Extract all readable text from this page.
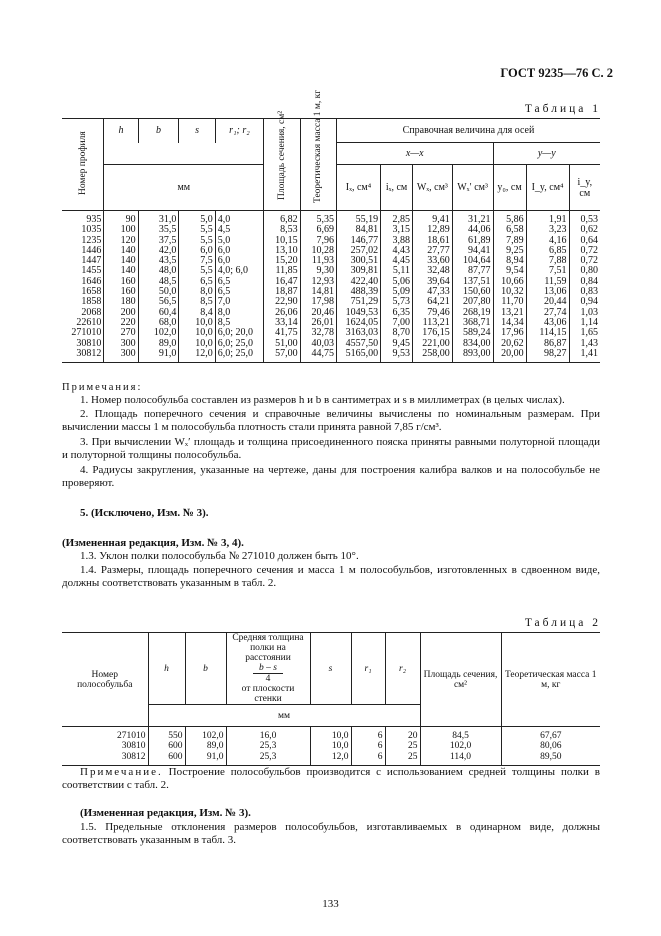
ГОСТ 9235—76 С. 2
Таблица 1
Номер профиля	h	b	s	r₁; r₂	Площадь сечения, см²	Теоретическая масса 1 м, кг	Справочная величина для осей						
							x—x				y—y		
	мм						Iₓ, см⁴	iₓ, см	Wₓ, см³	Wₓ′ см³	y₀, см	I_y, см⁴	i_y, см
935	90	31,0	5,0	4,0	6,82	5,35	55,19	2,85	9,41	31,21	5,86	1,91	0,53
1035	100	35,5	5,5	4,5	8,53	6,69	84,81	3,15	12,89	44,06	6,58	3,23	0,62
1235	120	37,5	5,5	5,0	10,15	7,96	146,77	3,88	18,61	61,89	7,89	4,16	0,64
1446	140	42,0	6,0	6,0	13,10	10,28	257,02	4,43	27,77	94,41	9,25	6,85	0,72
1447	140	43,5	7,5	6,0	15,20	11,93	300,51	4,45	33,60	104,64	8,94	7,88	0,72
1455	140	48,0	5,5	4,0; 6,0	11,85	9,30	309,81	5,11	32,48	87,77	9,54	7,51	0,80
1646	160	48,5	6,5	6,5	16,47	12,93	422,40	5,06	39,64	137,51	10,66	11,59	0,84
1658	160	50,0	8,0	6,5	18,87	14,81	488,39	5,09	47,33	150,60	10,32	13,06	0,83
1858	180	56,5	8,5	7,0	22,90	17,98	751,29	5,73	64,21	207,80	11,70	20,44	0,94
2068	200	60,4	8,4	8,0	26,06	20,46	1049,53	6,35	79,46	268,19	13,21	27,74	1,03
22610	220	68,0	10,0	8,5	33,14	26,01	1624,05	7,00	113,21	368,71	14,34	43,06	1,14
271010	270	102,0	10,0	6,0; 20,0	41,75	32,78	3163,03	8,70	176,15	589,24	17,96	114,15	1,65
30810	300	89,0	10,0	6,0; 25,0	51,00	40,03	4557,50	9,45	221,00	834,00	20,62	86,87	1,43
30812	300	91,0	12,0	6,0; 25,0	57,00	44,75	5165,00	9,53	258,00	893,00	20,00	98,27	1,41
Примечания:
1. Номер полособульба составлен из размеров h и b в сантиметрах и s в миллиметрах (в целых числах).
2. Площадь поперечного сечения и справочные величины вычислены по номинальным размерам. При вычислении массы 1 м полособульба плотность стали принята равной 7,85 г/см³.
3. При вычислении Wₓ′ площадь и толщина присоединенного пояска приняты равными полуторной площади и полуторной толщины полособульба.
4. Радиусы закругления, указанные на чертеже, даны для построения калибра валков и на полособульбе не проверяют.
5. (Исключено, Изм. № 3).
(Измененная редакция, Изм. № 3, 4).
1.3. Уклон полки полособульба № 271010 должен быть 10°.
1.4. Размеры, площадь поперечного сечения и масса 1 м полособульбов, изготовленных в сдвоенном виде, должны соответствовать указанным в табл. 2.
Таблица 2
Номер полособульба	h	b	Средняя толщина полки на расстоянии
b – s
4
от плоскости стенки	s	r₁	r₂	Площадь сечения, см²	Теоретическая масса 1 м, кг
	мм							

271010	550	102,0	16,0	10,0	6	20	84,5	67,67
30810	600	89,0	25,3	10,0	6	25	102,0	80,06
30812	600	91,0	25,3	12,0	6	25	114,0	89,50
Примечание. Построение полособульбов производится с использованием средней толщины полки в соответствии с табл. 2.
(Измененная редакция, Изм. № 3).
1.5. Предельные отклонения размеров полособульбов, изготавливаемых в одинарном виде, должны соответствовать указанным в табл. 3.
133
